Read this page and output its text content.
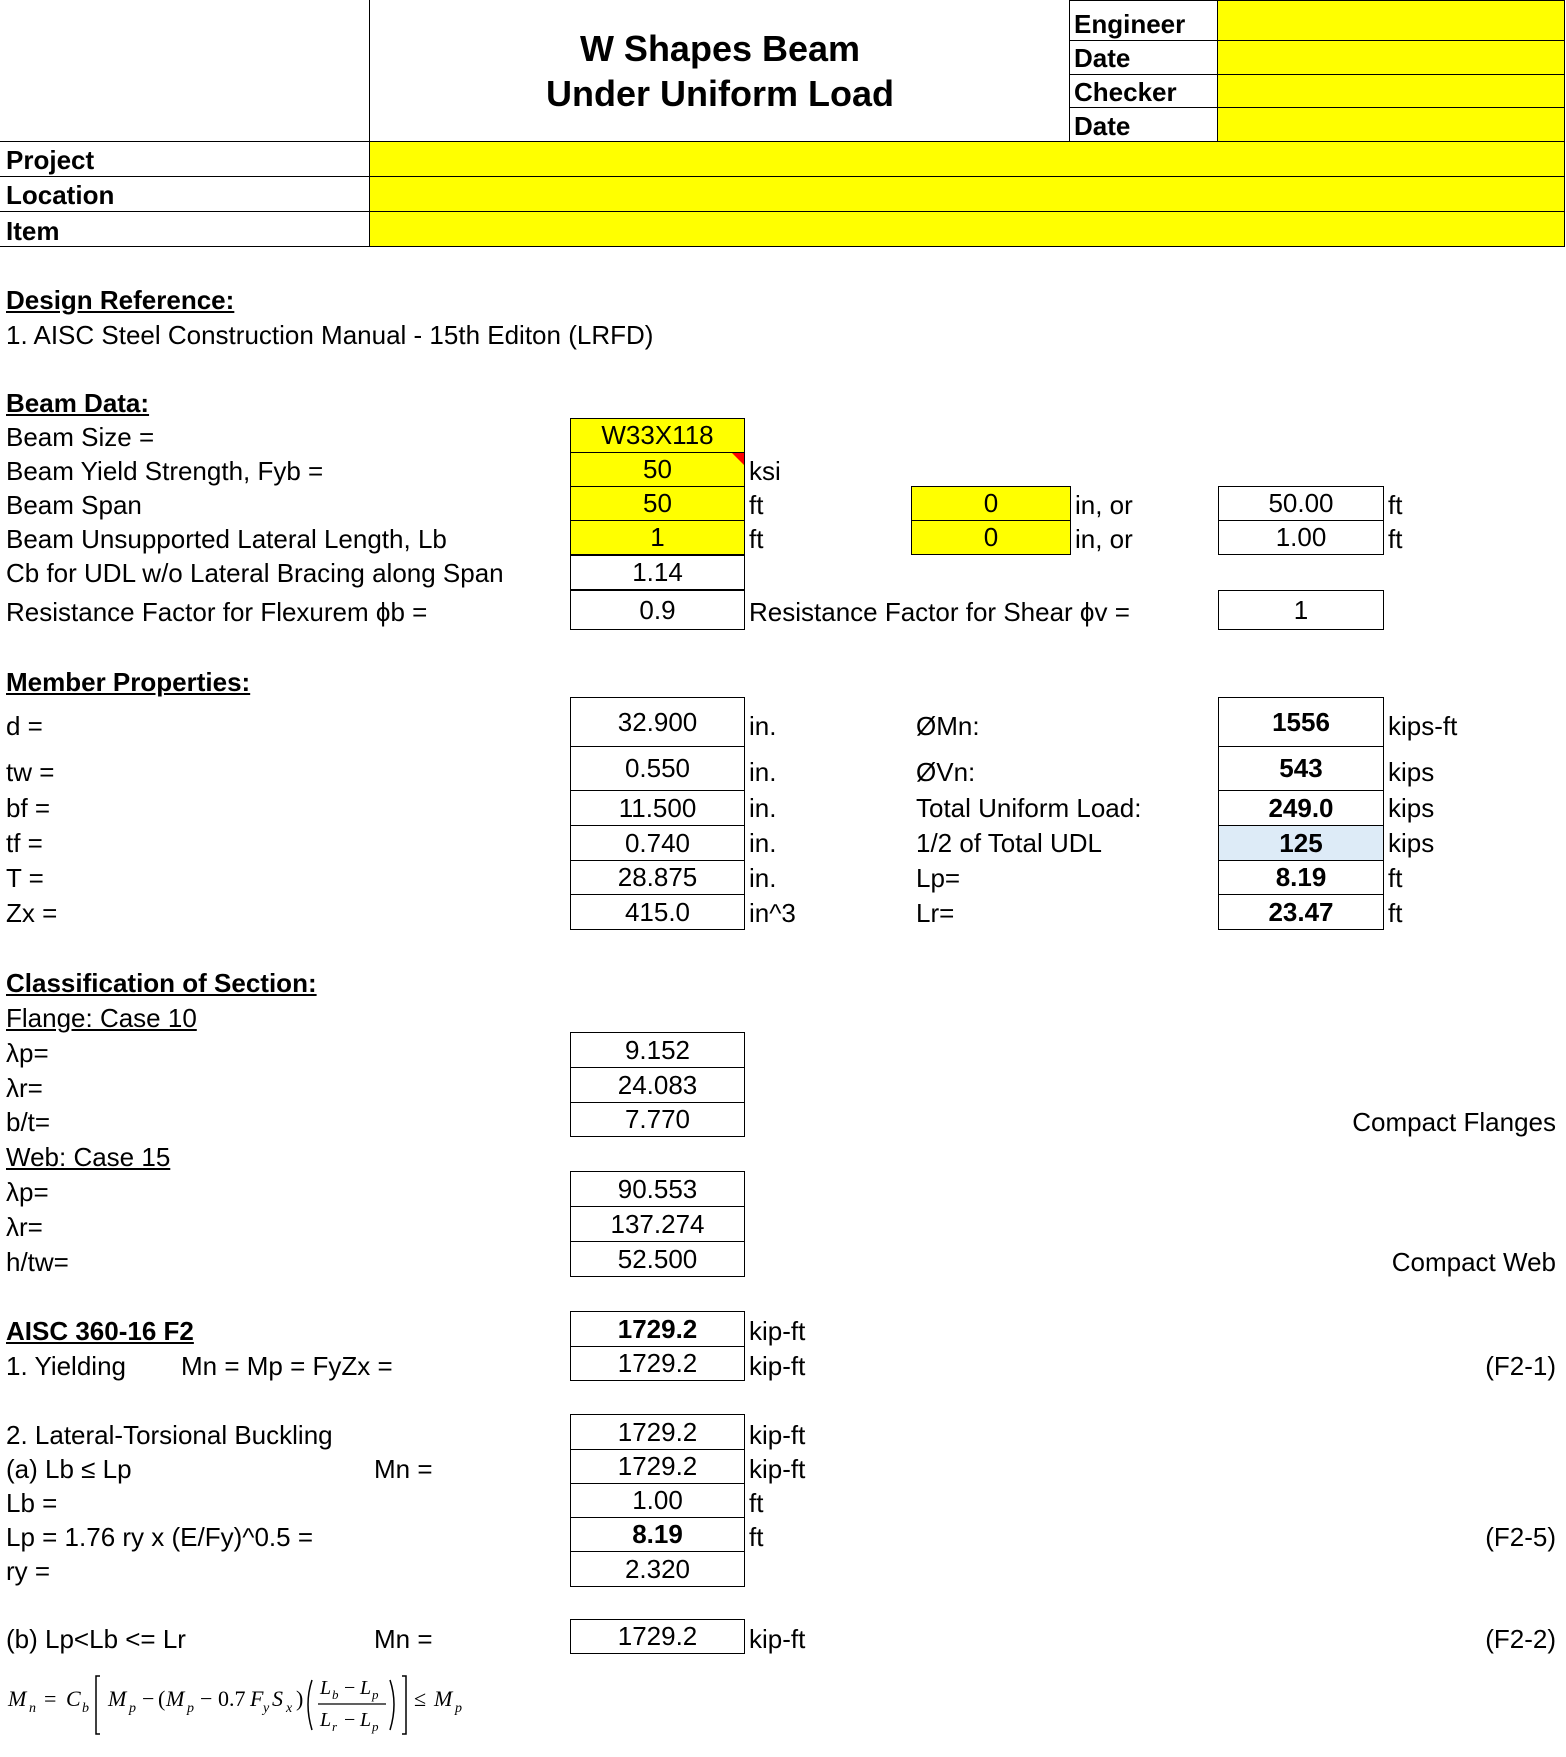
W Shapes Beam
Under Uniform Load
Engineer
Date
Checker
Date
Project
Location
Item
Design Reference:
1. AISC Steel Construction Manual - 15th Editon (LRFD)
Beam Data:
Beam Size =	W33X118
Beam Yield Strength, Fyb =	50	ksi
Beam Span	50	ft	0	in, or	50.00	ft
Beam Unsupported Lateral Length, Lb	1	ft	0	in, or	1.00	ft
Cb for UDL w/o Lateral Bracing along Span	1.14
Resistance Factor for Flexurem ϕb =	0.9	Resistance Factor for Shear ϕv =	1
Member Properties:
d =	32.900	in.
tw =	0.550	in.
bf =	11.500	in.
tf =	0.740	in.
T =	28.875	in.
Zx =	415.0	in^3
ØMn:	1556	kips-ft
ØVn:	543	kips
Total Uniform Load:	249.0	kips
1/2 of Total UDL	125	kips
Lp=	8.19	ft
Lr=	23.47	ft
Classification of Section:
Flange: Case 10
λp=	9.152
λr=	24.083
b/t=	7.770	Compact Flanges
Web: Case 15
λp=	90.553
λr=	137.274
h/tw=	52.500	Compact Web
AISC 360-16 F2	1729.2	kip-ft
1. Yielding Mn = Mp = FyZx =	1729.2	kip-ft	(F2-1)
2. Lateral-Torsional Buckling	1729.2	kip-ft
(a) Lb ≤ Lp	Mn =	1729.2	kip-ft
Lb =	1.00	ft
Lp = 1.76 ry x (E/Fy)^0.5 =	8.19	ft	(F2-5)
ry =	2.320
(b) Lp<Lb <= Lr	Mn =	1729.2	kip-ft	(F2-2)
M n = C b M p − ( M p − 0.7 F y S x ) L b − L p
L r − L p
≤ M p
